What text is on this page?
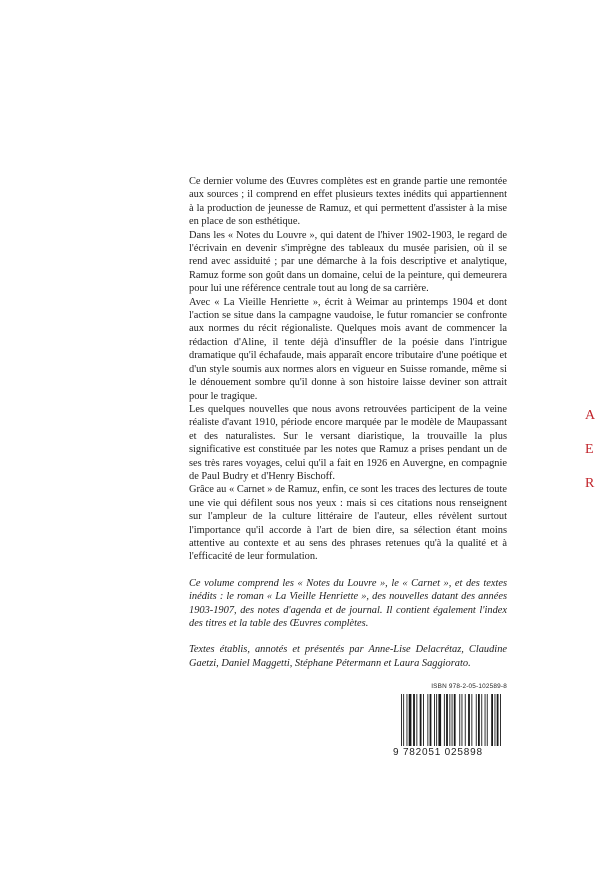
Ce dernier volume des Œuvres complètes est en grande partie une remontée aux sources ; il comprend en effet plusieurs textes inédits qui appartiennent à la production de jeunesse de Ramuz, et qui permettent d'assister à la mise en place de son esthétique.

Dans les « Notes du Louvre », qui datent de l'hiver 1902-1903, le regard de l'écrivain en devenir s'imprègne des tableaux du musée parisien, où il se rend avec assiduité ; par une démarche à la fois descriptive et analytique, Ramuz forme son goût dans un domaine, celui de la peinture, qui demeurera pour lui une référence centrale tout au long de sa carrière.

Avec « La Vieille Henriette », écrit à Weimar au printemps 1904 et dont l'action se situe dans la campagne vaudoise, le futur romancier se confronte aux normes du récit régionaliste. Quelques mois avant de commencer la rédaction d'Aline, il tente déjà d'insuffler de la poésie dans l'intrigue dramatique qu'il échafaude, mais apparaît encore tributaire d'une poétique et d'un style soumis aux normes alors en vigueur en Suisse romande, même si le dénouement sombre qu'il donne à son histoire laisse deviner son attrait pour le tragique.

Les quelques nouvelles que nous avons retrouvées participent de la veine réaliste d'avant 1910, période encore marquée par le modèle de Maupassant et des naturalistes. Sur le versant diaristique, la trouvaille la plus significative est constituée par les notes que Ramuz a prises pendant un de ses très rares voyages, celui qu'il a fait en 1926 en Auvergne, en compagnie de Paul Budry et d'Henry Bischoff.

Grâce au « Carnet » de Ramuz, enfin, ce sont les traces des lectures de toute une vie qui défilent sous nos yeux : mais si ces citations nous renseignent sur l'ampleur de la culture littéraire de l'auteur, elles révèlent surtout l'importance qu'il accorde à l'art de bien dire, sa sélection étant moins attentive au contexte et au sens des phrases retenues qu'à la qualité et à l'efficacité de leur formulation.

Ce volume comprend les « Notes du Louvre », le « Carnet », et des textes inédits : le roman « La Vieille Henriette », des nouvelles datant des années 1903-1907, des notes d'agenda et de journal. Il contient également l'index des titres et la table des Œuvres complètes.

Textes établis, annotés et présentés par Anne-Lise Delacrétaz, Claudine Gaetzi, Daniel Maggetti, Stéphane Pétermann et Laura Saggiorato.

A
E
R
ISBN 978-2-05-102589-8
9 782051 025898
